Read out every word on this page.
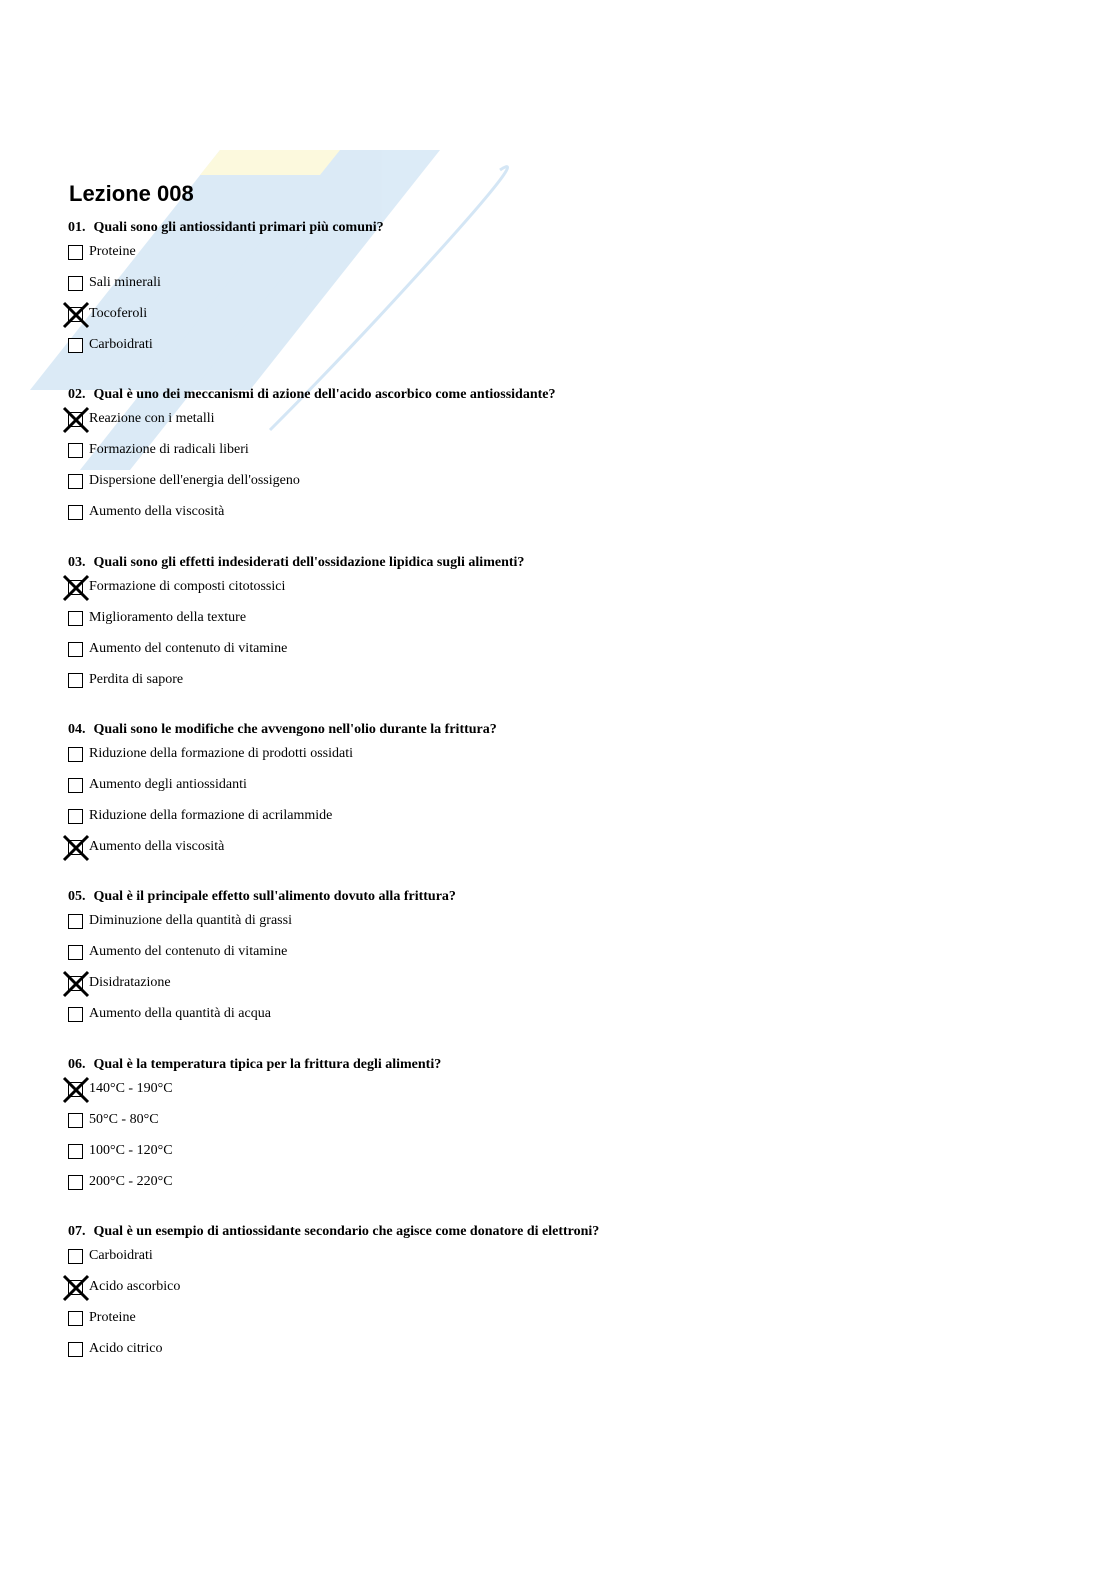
Lezione 008
01. Quali sono gli antiossidanti primari più comuni?
Proteine
Sali minerali
Tocoferoli
Carboidrati
02. Qual è uno dei meccanismi di azione dell'acido ascorbico come antiossidante?
Reazione con i metalli
Formazione di radicali liberi
Dispersione dell'energia dell'ossigeno
Aumento della viscosità
03. Quali sono gli effetti indesiderati dell'ossidazione lipidica sugli alimenti?
Formazione di composti citotossici
Miglioramento della texture
Aumento del contenuto di vitamine
Perdita di sapore
04. Quali sono le modifiche che avvengono nell'olio durante la frittura?
Riduzione della formazione di prodotti ossidati
Aumento degli antiossidanti
Riduzione della formazione di acrilammide
Aumento della viscosità
05. Qual è il principale effetto sull'alimento dovuto alla frittura?
Diminuzione della quantità di grassi
Aumento del contenuto di vitamine
Disidratazione
Aumento della quantità di acqua
06. Qual è la temperatura tipica per la frittura degli alimenti?
140°C - 190°C
50°C - 80°C
100°C - 120°C
200°C - 220°C
07. Qual è un esempio di antiossidante secondario che agisce come donatore di elettroni?
Carboidrati
Acido ascorbico
Proteine
Acido citrico
